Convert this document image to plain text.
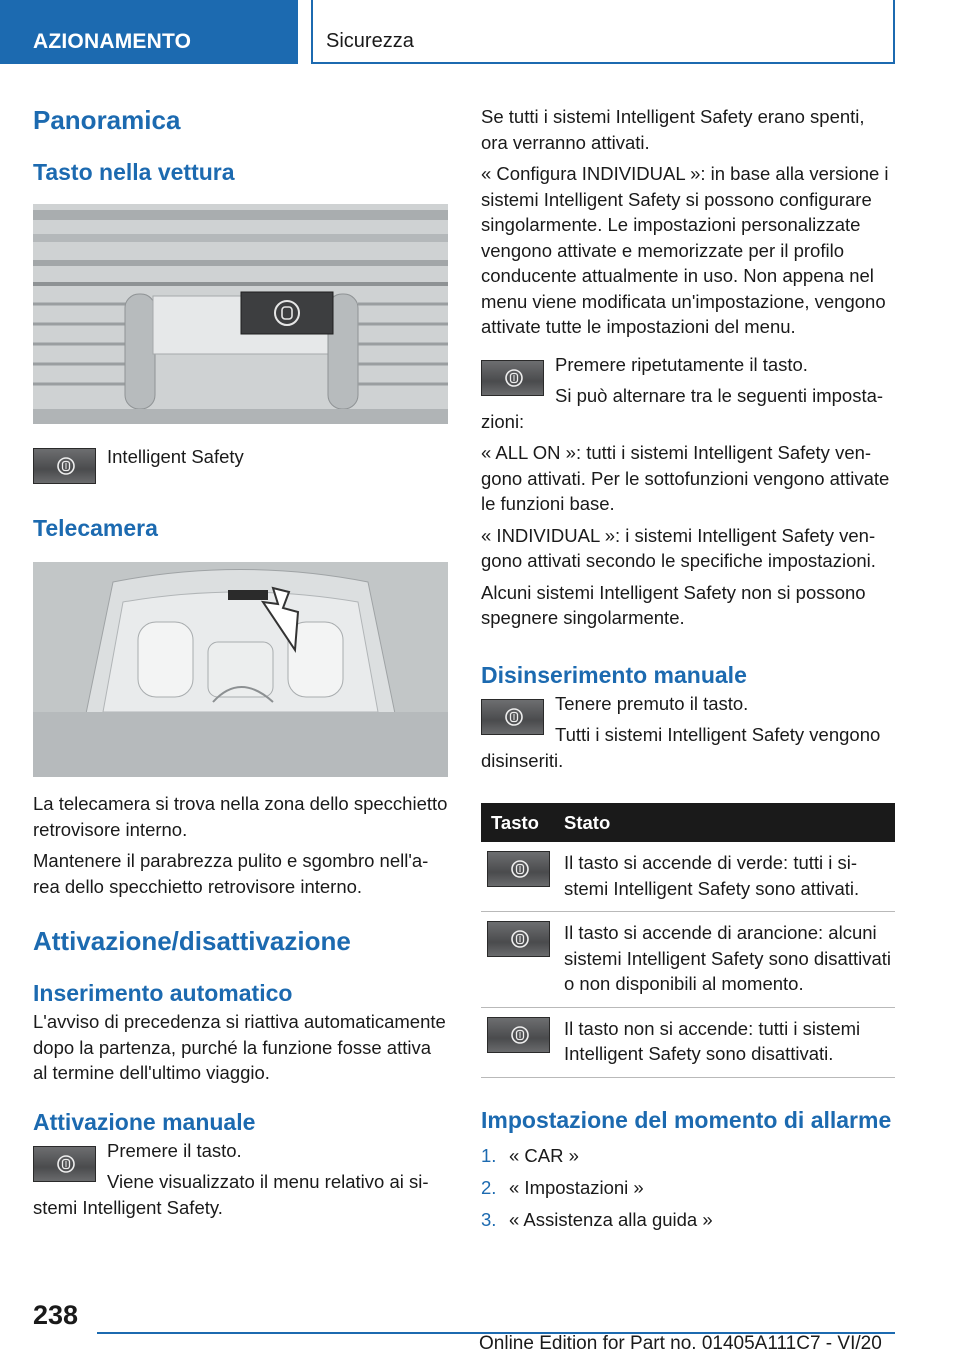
AZIONAMENTO	Sicurezza
Panoramica
Tasto nella vettura

Intelligent Safety

Telecamera

La telecamera si trova nella zona dello specchietto retrovisore interno.

Mantenere il parabrezza pulito e sgombro nell'area dello specchietto retrovisore interno.

Attivazione/disattivazione
Inserimento automatico

L'avviso di precedenza si riattiva automaticamente dopo la partenza, purché la funzione fosse attiva al termine dell'ultimo viaggio.

Attivazione manuale

Premere il tasto.

Viene visualizzato il menu relativo ai sistemi Intelligent Safety.

Se tutti i sistemi Intelligent Safety erano spenti, ora verranno attivati.

« Configura INDIVIDUAL »: in base alla versione i sistemi Intelligent Safety si possono configurare singolarmente. Le impostazioni personalizzate vengono attivate e memorizzate per il profilo conducente attualmente in uso. Non appena nel menu viene modificata un'impostazione, vengono attivate tutte le impostazioni del menu.

Premere ripetutamente il tasto.

Si può alternare tra le seguenti impostazioni:

« ALL ON »: tutti i sistemi Intelligent Safety vengono attivati. Per le sottofunzioni vengono attivate le funzioni base.

« INDIVIDUAL »: i sistemi Intelligent Safety vengono attivati secondo le specifiche impostazioni.

Alcuni sistemi Intelligent Safety non si possono spegnere singolarmente.

Disinserimento manuale

Tenere premuto il tasto.

Tutti i sistemi Intelligent Safety vengono disinseriti.

Tasto	Stato

	Il tasto si accende di verde: tutti i sistemi Intelligent Safety sono attivati.

	Il tasto si accende di arancione: alcuni sistemi Intelligent Safety sono disattivati o non disponibili al momento.

	Il tasto non si accende: tutti i sistemi Intelligent Safety sono disattivati.
Impostazione del momento di allarme
1. « CAR »
2. « Impostazioni »
3. « Assistenza alla guida »
238
Online Edition for Part no. 01405A111C7 - VI/20
